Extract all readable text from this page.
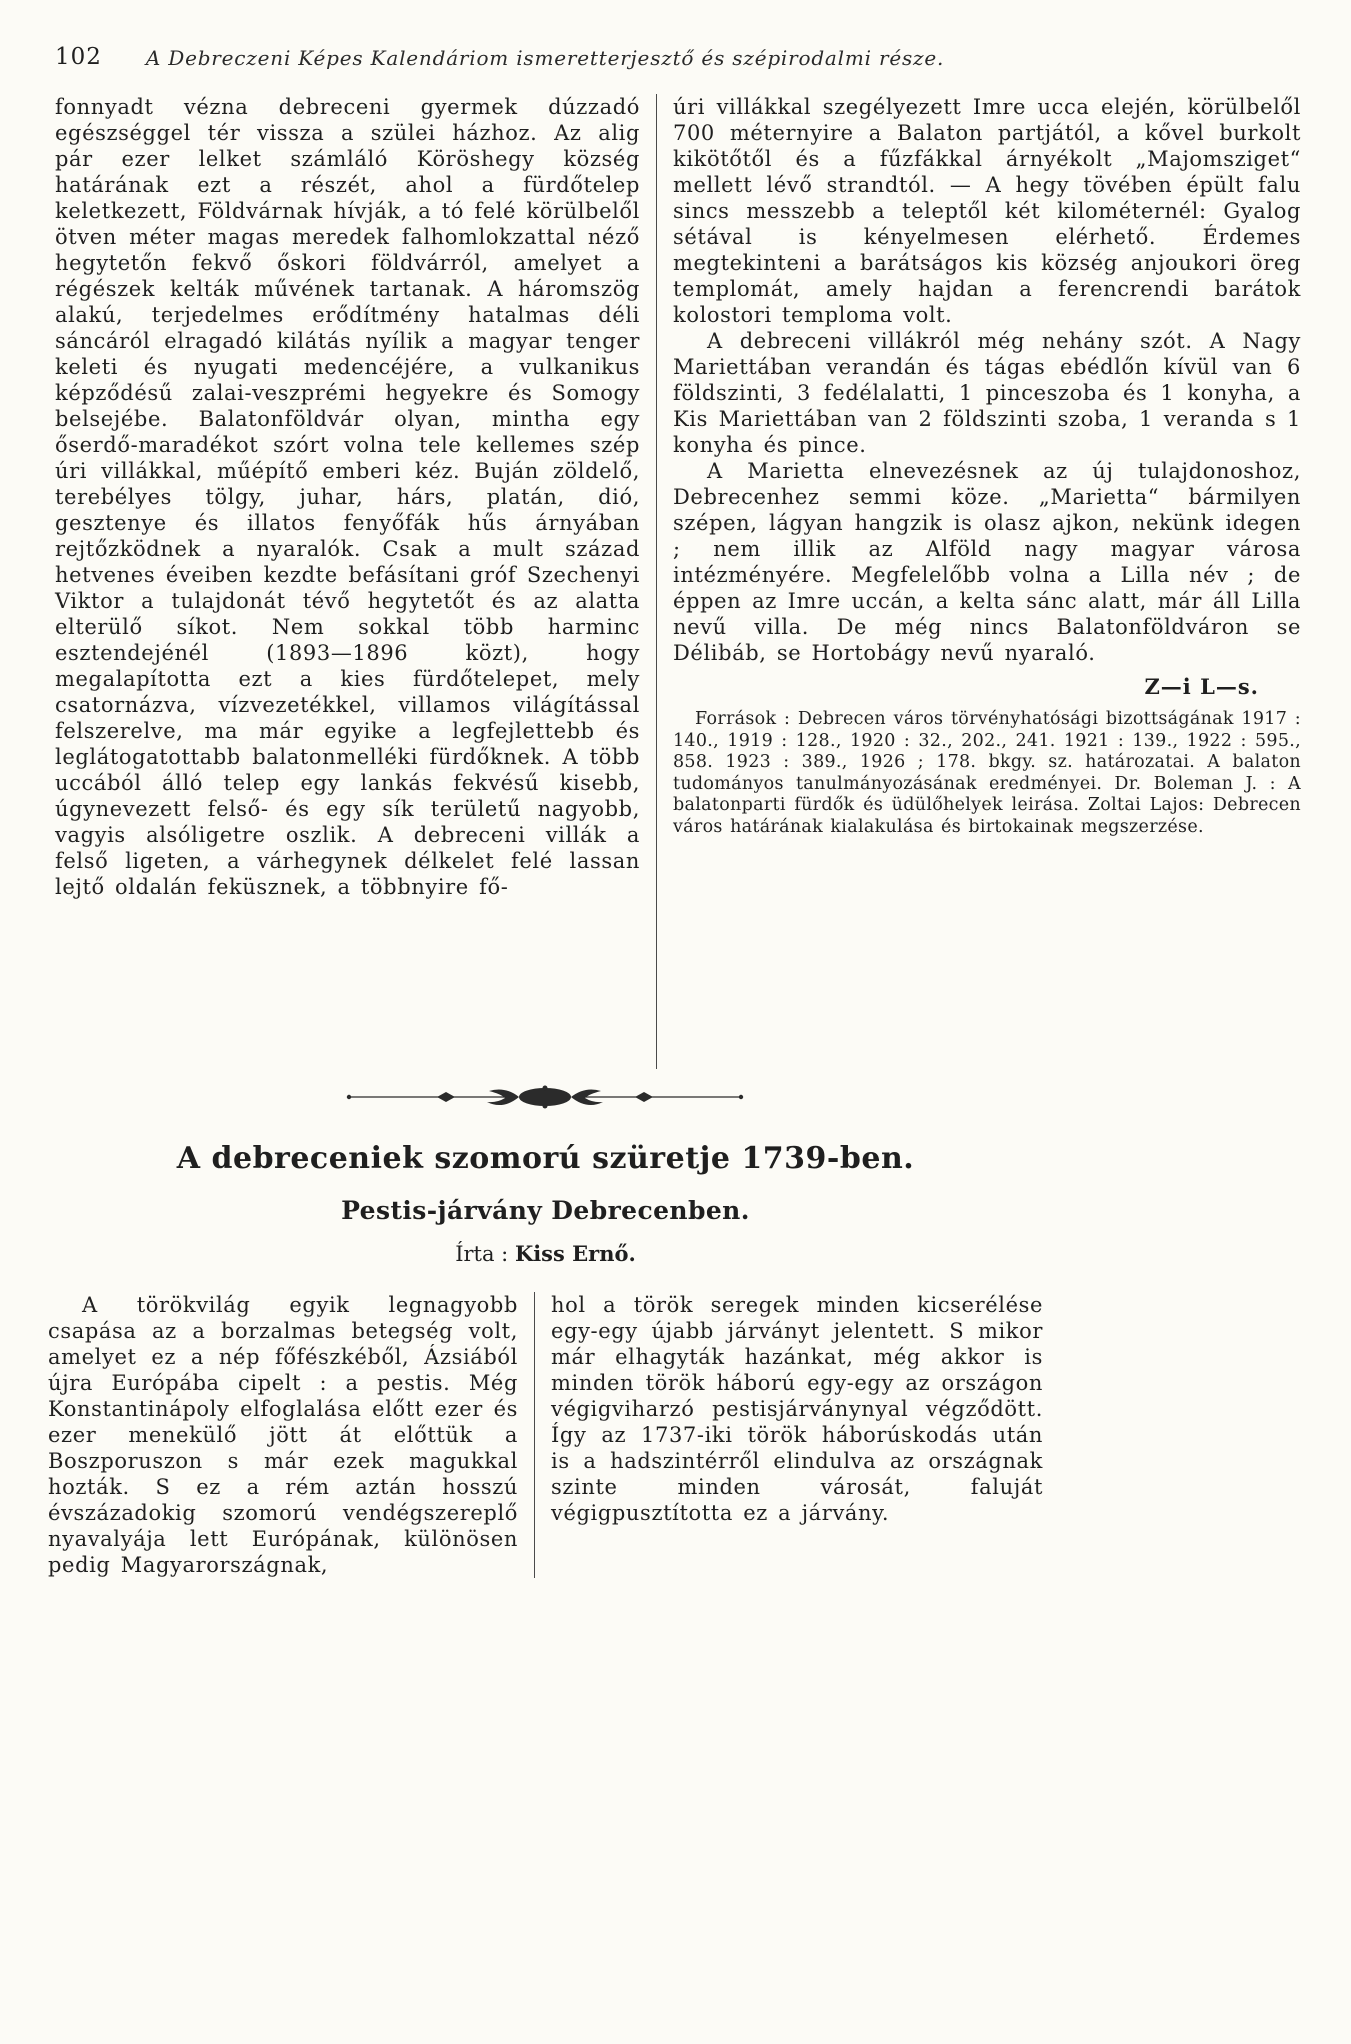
102 A Debreczeni Képes Kalendáriom ismeretterjesztő és szépirodalmi része.

fonnyadt vézna debreceni gyermek dúzzadó egészséggel tér vissza a szülei házhoz. Az alig pár ezer lelket számláló Köröshegy község határának ezt a részét, ahol a fürdőtelep keletkezett, Földvárnak hívják, a tó felé körülbelől ötven méter magas meredek falhomlokzattal néző hegytetőn fekvő őskori földvárról, amelyet a régészek kelták művének tartanak. A háromszög alakú, terjedelmes erődítmény hatalmas déli sáncáról elragadó kilátás nyílik a magyar tenger keleti és nyugati medencéjére, a vulkanikus képződésű zalai-veszprémi hegyekre és Somogy belsejébe. Balatonföldvár olyan, mintha egy őserdő-maradékot szórt volna tele kellemes szép úri villákkal, műépítő emberi kéz. Buján zöldelő, terebélyes tölgy, juhar, hárs, platán, dió, gesztenye és illatos fenyőfák hűs árnyában rejtőzködnek a nyaralók. Csak a mult század hetvenes éveiben kezdte befásítani gróf Szechenyi Viktor a tulajdonát tévő hegytetőt és az alatta elterülő síkot. Nem sokkal több harminc esztendejénél (1893—1896 közt), hogy megalapította ezt a kies fürdőtelepet, mely csatornázva, vízvezetékkel, villamos világítással felszerelve, ma már egyike a legfejlettebb és leglátogatottabb balatonmelléki fürdőknek. A több uccából álló telep egy lankás fekvésű kisebb, úgynevezett felső- és egy sík területű nagyobb, vagyis alsóligetre oszlik. A debreceni villák a felső ligeten, a várhegynek délkelet felé lassan lejtő oldalán feküsznek, a többnyire fő-

úri villákkal szegélyezett Imre ucca elején, körülbelől 700 méternyire a Balaton partjától, a kővel burkolt kikötőtől és a fűzfákkal árnyékolt „Majomsziget“ mellett lévő strandtól. — A hegy tövében épült falu sincs messzebb a teleptől két kilométernél: Gyalog sétával is kényelmesen elérhető. Érdemes megtekinteni a barátságos kis község anjoukori öreg templomát, amely hajdan a ferencrendi barátok kolostori temploma volt.

A debreceni villákról még nehány szót. A Nagy Mariettában verandán és tágas ebédlőn kívül van 6 földszinti, 3 fedélalatti, 1 pinceszoba és 1 konyha, a Kis Mariettában van 2 földszinti szoba, 1 veranda s 1 konyha és pince.

A Marietta elnevezésnek az új tulajdonoshoz, Debrecenhez semmi köze. „Marietta“ bármilyen szépen, lágyan hangzik is olasz ajkon, nekünk idegen ; nem illik az Alföld nagy magyar városa intézményére. Megfelelőbb volna a Lilla név ; de éppen az Imre uccán, a kelta sánc alatt, már áll Lilla nevű villa. De még nincs Balatonföldváron se Délibáb, se Hortobágy nevű nyaraló.

Z—i L—s.

Források : Debrecen város törvényhatósági bizottságának 1917 : 140., 1919 : 128., 1920 : 32., 202., 241. 1921 : 139., 1922 : 595., 858. 1923 : 389., 1926 ; 178. bkgy. sz. határozatai. A balaton tudományos tanulmányozásának eredményei. Dr. Boleman J. : A balatonparti fürdők és üdülőhelyek leirása. Zoltai Lajos: Debrecen város határának kialakulása és birtokainak megszerzése.

A debreceniek szomorú szüretje 1739-ben.
Pestis-járvány Debrecenben.
Írta : Kiss Ernő.

A törökvilág egyik legnagyobb csapása az a borzalmas betegség volt, amelyet ez a nép főfészkéből, Ázsiából újra Európába cipelt : a pestis. Még Konstantinápoly elfoglalása előtt ezer és ezer menekülő jött át előttük a Boszporuszon s már ezek magukkal hozták. S ez a rém aztán hosszú évszázadokig szomorú vendégszereplő nyavalyája lett Európának, különösen pedig Magyarországnak,

hol a török seregek minden kicserélése egy-egy újabb járványt jelentett. S mikor már elhagyták hazánkat, még akkor is minden török háború egy-egy az országon végigviharzó pestisjárványnyal végződött. Így az 1737-iki török háborúskodás után is a hadszintérről elindulva az országnak szinte minden városát, faluját végigpusztította ez a járvány.
